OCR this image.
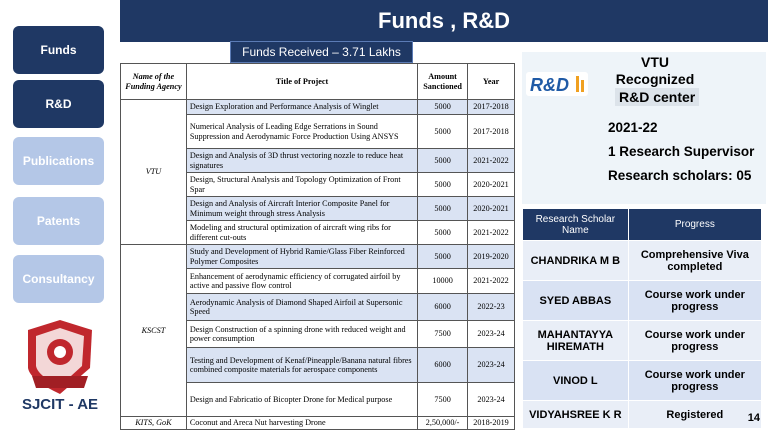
Funds
R&D
Publications
Patents
Consultancy
SJCIT - AE
Funds , R&D
Funds Received – 3.71 Lakhs
Name of the Funding Agency	Title of Project	Amount Sanctioned	Year
VTU	Design Exploration and Performance Analysis of Winglet	5000	2017-2018
	Numerical Analysis of Leading Edge Serrations in Sound Suppression and Aerodynamic Force Production Using ANSYS	5000	2017-2018
	Design and Analysis of 3D thrust vectoring nozzle to reduce heat signatures	5000	2021-2022
	Design, Structural Analysis and Topology Optimization of Front Spar	5000	2020-2021
	Design and Analysis of Aircraft Interior Composite Panel for Minimum weight through stress Analysis	5000	2020-2021
	Modeling and structural optimization of aircraft wing ribs for different cut-outs	5000	2021-2022
KSCST	Study and Development of Hybrid Ramie/Glass Fiber Reinforced Polymer Composites	5000	2019-2020
	Enhancement of aerodynamic efficiency of corrugated airfoil by active and passive flow control	10000	2021-2022
	Aerodynamic Analysis of Diamond Shaped Airfoil at Supersonic Speed	6000	2022-23
	Design Construction of a spinning drone with reduced weight and power consumption	7500	2023-24
	Testing and Development of Kenaf/Pineapple/Banana natural fibres combined composite materials for aerospace components	6000	2023-24
	Design and Fabricatio of Bicopter Drone for Medical purpose	7500	2023-24
KITS, GoK	Coconut and Areca Nut harvesting Drone	2,50,000/-	2018-2019
R&D
VTU
Recognized
R&D center
2021-22
1 Research Supervisor
Research scholars: 05
Research Scholar Name	Progress
CHANDRIKA M B	Comprehensive Viva completed
SYED ABBAS	Course work under progress
MAHANTAYYA HIREMATH	Course work under progress
VINOD L	Course work under progress
VIDYAHSREE K R	Registered 14
